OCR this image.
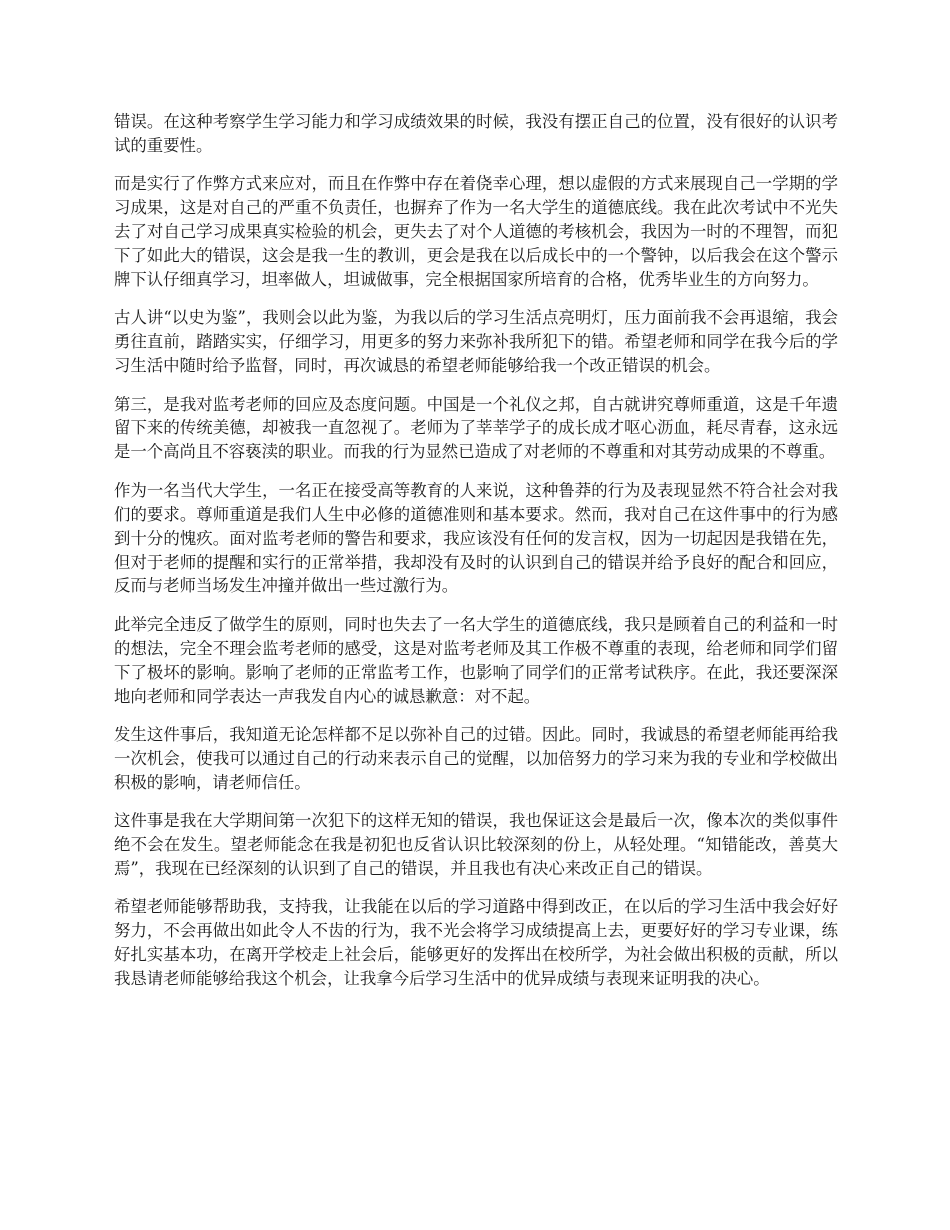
错误。在这种考察学生学习能力和学习成绩效果的时候，我没有摆正自己的位置，没有很好的认识考试的重要性。

而是实行了作弊方式来应对，而且在作弊中存在着侥幸心理，想以虚假的方式来展现自己一学期的学习成果，这是对自己的严重不负责任，也摒弃了作为一名大学生的道德底线。我在此次考试中不光失去了对自己学习成果真实检验的机会，更失去了对个人道德的考核机会，我因为一时的不理智，而犯下了如此大的错误，这会是我一生的教训，更会是我在以后成长中的一个警钟，以后我会在这个警示牌下认仔细真学习，坦率做人，坦诚做事，完全根据国家所培育的合格，优秀毕业生的方向努力。

古人讲“以史为鉴”，我则会以此为鉴，为我以后的学习生活点亮明灯，压力面前我不会再退缩，我会勇往直前，踏踏实实，仔细学习，用更多的努力来弥补我所犯下的错。希望老师和同学在我今后的学习生活中随时给予监督，同时，再次诚恳的希望老师能够给我一个改正错误的机会。

第三，是我对监考老师的回应及态度问题。中国是一个礼仪之邦，自古就讲究尊师重道，这是千年遗留下来的传统美德，却被我一直忽视了。老师为了莘莘学子的成长成才呕心沥血，耗尽青春，这永远是一个高尚且不容亵渎的职业。而我的行为显然已造成了对老师的不尊重和对其劳动成果的不尊重。

作为一名当代大学生，一名正在接受高等教育的人来说，这种鲁莽的行为及表现显然不符合社会对我们的要求。尊师重道是我们人生中必修的道德准则和基本要求。然而，我对自己在这件事中的行为感到十分的愧疚。面对监考老师的警告和要求，我应该没有任何的发言权，因为一切起因是我错在先，但对于老师的提醒和实行的正常举措，我却没有及时的认识到自己的错误并给予良好的配合和回应，反而与老师当场发生冲撞并做出一些过激行为。

此举完全违反了做学生的原则，同时也失去了一名大学生的道德底线，我只是顾着自己的利益和一时的想法，完全不理会监考老师的感受，这是对监考老师及其工作极不尊重的表现，给老师和同学们留下了极坏的影响。影响了老师的正常监考工作，也影响了同学们的正常考试秩序。在此，我还要深深地向老师和同学表达一声我发自内心的诚恳歉意：对不起。

发生这件事后，我知道无论怎样都不足以弥补自己的过错。因此。同时，我诚恳的希望老师能再给我一次机会，使我可以通过自己的行动来表示自己的觉醒，以加倍努力的学习来为我的专业和学校做出积极的影响，请老师信任。

这件事是我在大学期间第一次犯下的这样无知的错误，我也保证这会是最后一次，像本次的类似事件绝不会在发生。望老师能念在我是初犯也反省认识比较深刻的份上，从轻处理。“知错能改，善莫大焉”，我现在已经深刻的认识到了自己的错误，并且我也有决心来改正自己的错误。

希望老师能够帮助我，支持我，让我能在以后的学习道路中得到改正，在以后的学习生活中我会好好努力，不会再做出如此令人不齿的行为，我不光会将学习成绩提高上去，更要好好的学习专业课，练好扎实基本功，在离开学校走上社会后，能够更好的发挥出在校所学，为社会做出积极的贡献，所以我恳请老师能够给我这个机会，让我拿今后学习生活中的优异成绩与表现来证明我的决心。
